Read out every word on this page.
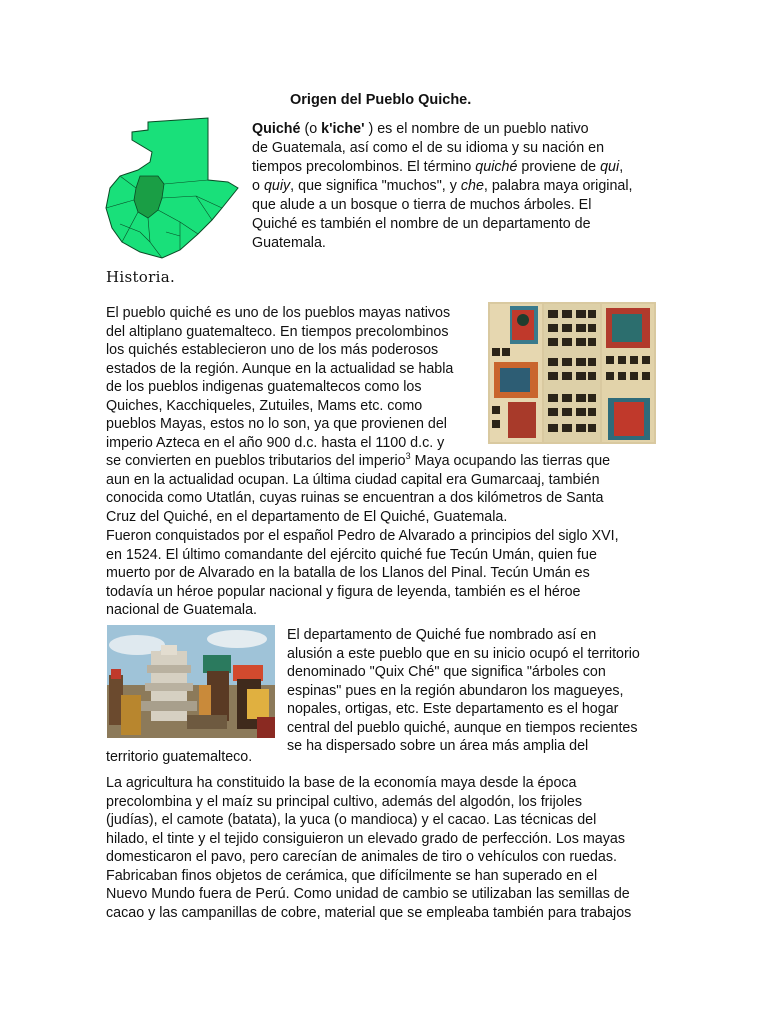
Origen del Pueblo Quiche.

Quiché (o k'iche' ) es el nombre de un pueblo nativo

de Guatemala, así como el de su idioma y su nación en

tiempos precolombinos. El término quiché proviene de qui,

o quiy, que significa "muchos", y che, palabra maya original,

que alude a un bosque o tierra de muchos árboles. El

Quiché es también el nombre de un departamento de

Guatemala.

Historia.
El pueblo quiché es uno de los pueblos mayas nativos
del altiplano guatemalteco. En tiempos precolombinos
los quichés establecieron uno de los más poderosos
estados de la región. Aunque en la actualidad se habla
de los pueblos indigenas guatemaltecos como los
Quiches, Kacchiqueles, Zutuiles, Mams etc. como
pueblos Mayas, estos no lo son, ya que provienen del
imperio Azteca en el año 900 d.c. hasta el 1100 d.c. y
se convierten en pueblos tributarios del imperio$^3$ Maya ocupando las tierras que
aun en la actualidad ocupan. La última ciudad capital era Gumarcaaj, también
conocida como Utatlán, cuyas ruinas se encuentran a dos kilómetros de Santa
Cruz del Quiché, en el departamento de El Quiché, Guatemala.
Fueron conquistados por el español Pedro de Alvarado a principios del siglo XVI,
en 1524. El último comandante del ejército quiché fue Tecún Umán, quien fue
muerto por de Alvarado en la batalla de los Llanos del Pinal. Tecún Umán es
todavía un héroe popular nacional y figura de leyenda, también es el héroe
nacional de Guatemala.
El departamento de Quiché fue nombrado así en
alusión a este pueblo que en su inicio ocupó el territorio
denominado "Quix Ché" que significa "árboles con
espinas" pues en la región abundaron los magueyes,
nopales, ortigas, etc. Este departamento es el hogar
central del pueblo quiché, aunque en tiempos recientes
se ha dispersado sobre un área más amplia del
territorio guatemalteco.
La agricultura ha constituido la base de la economía maya desde la época
precolombina y el maíz su principal cultivo, además del algodón, los frijoles
(judías), el camote (batata), la yuca (o mandioca) y el cacao. Las técnicas del
hilado, el tinte y el tejido consiguieron un elevado grado de perfección. Los mayas
domesticaron el pavo, pero carecían de animales de tiro o vehículos con ruedas.
Fabricaban finos objetos de cerámica, que difícilmente se han superado en el
Nuevo Mundo fuera de Perú. Como unidad de cambio se utilizaban las semillas de
cacao y las campanillas de cobre, material que se empleaba también para trabajos
